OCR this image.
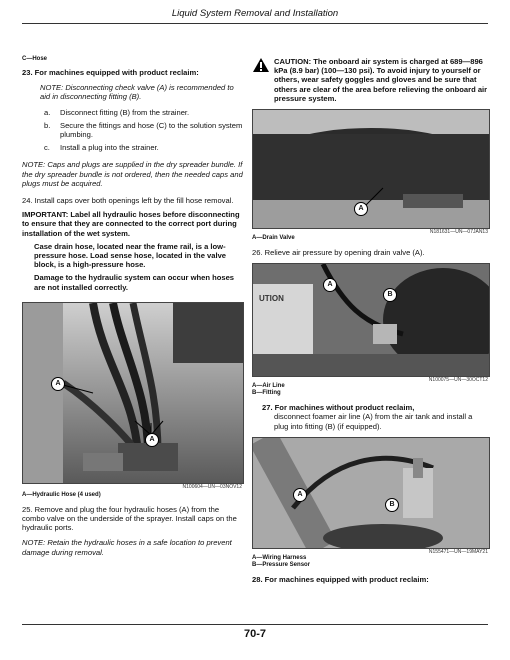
Liquid System Removal and Installation
C—Hose

23. For machines equipped with product reclaim:

NOTE: Disconnecting check valve (A) is recommended to aid in disconnecting fitting (B).

a.	Disconnect fitting (B) from the strainer.
b.	Secure the fittings and hose (C) to the solution system plumbing.
c.	Install a plug into the strainer.

NOTE: Caps and plugs are supplied in the dry spreader bundle. If the dry spreader bundle is not ordered, then the needed caps and plugs must be acquired.

24. Install caps over both openings left by the fill hose removal.

IMPORTANT: Label all hydraulic hoses before disconnecting to ensure that they are connected to the correct port during installation of the wet system.

Case drain hose, located near the frame rail, is a low-pressure hose. Load sense hose, located in the valve block, is a high-pressure hose.

Damage to the hydraulic system can occur when hoses are not installed correctly.

A
A
N100604—UN—03NOV12
A—Hydraulic Hose (4 used)

25. Remove and plug the four hydraulic hoses (A) from the combo valve on the underside of the sprayer. Install caps on the hydraulic ports.

NOTE: Retain the hydraulic hoses in a safe location to prevent damage during removal.

CAUTION: The onboard air system is charged at 689—896 kPa (8.9 bar) (100—130 psi). To avoid injury to yourself or others, wear safety goggles and gloves and be sure that others are clear of the area before relieving the onboard air pressure system.

A
N181631—UN—07JAN13
A—Drain Valve

26. Relieve air pressure by opening drain valve (A).

A
B
UTION
N100075—UN—30OCT12
A—Air Line
B—Fitting

27. For machines without product reclaim,

disconnect foamer air line (A) from the air tank and install a plug into fitting (B) (if equipped).

A
B
N155471—UN—19MAY21
A—Wiring Harness
B—Pressure Sensor

28. For machines equipped with product reclaim:

70-7
